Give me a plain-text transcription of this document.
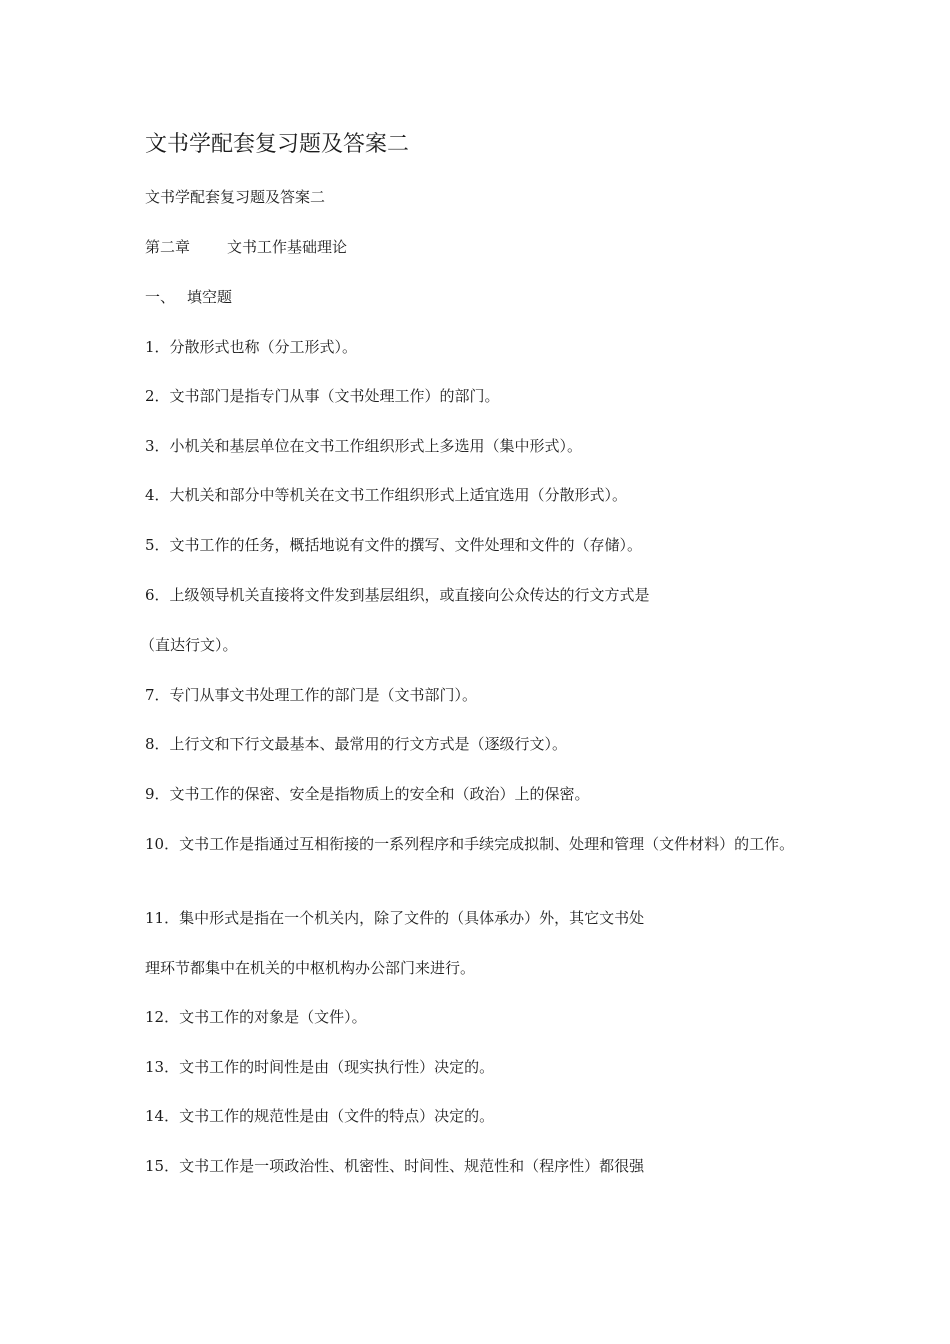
文书学配套复习题及答案二
文书学配套复习题及答案二
第二章 文书工作基础理论
一、 填空题
1．分散形式也称（分工形式）。
2．文书部门是指专门从事（文书处理工作）的部门。
3．小机关和基层单位在文书工作组织形式上多选用（集中形式）。
4．大机关和部分中等机关在文书工作组织形式上适宜选用（分散形式）。
5．文书工作的任务，概括地说有文件的撰写、文件处理和文件的（存储）。
6．上级领导机关直接将文件发到基层组织，或直接向公众传达的行文方式是
（直达行文）。
7．专门从事文书处理工作的部门是（文书部门）。
8．上行文和下行文最基本、最常用的行文方式是（逐级行文）。
9．文书工作的保密、安全是指物质上的安全和（政治）上的保密。
10．文书工作是指通过互相衔接的一系列程序和手续完成拟制、处理和管理（文件材料）的工作。
11．集中形式是指在一个机关内，除了文件的（具体承办）外，其它文书处
理环节都集中在机关的中枢机构办公部门来进行。
12．文书工作的对象是（文件）。
13．文书工作的时间性是由（现实执行性）决定的。
14．文书工作的规范性是由（文件的特点）决定的。
15．文书工作是一项政治性、机密性、时间性、规范性和（程序性）都很强
